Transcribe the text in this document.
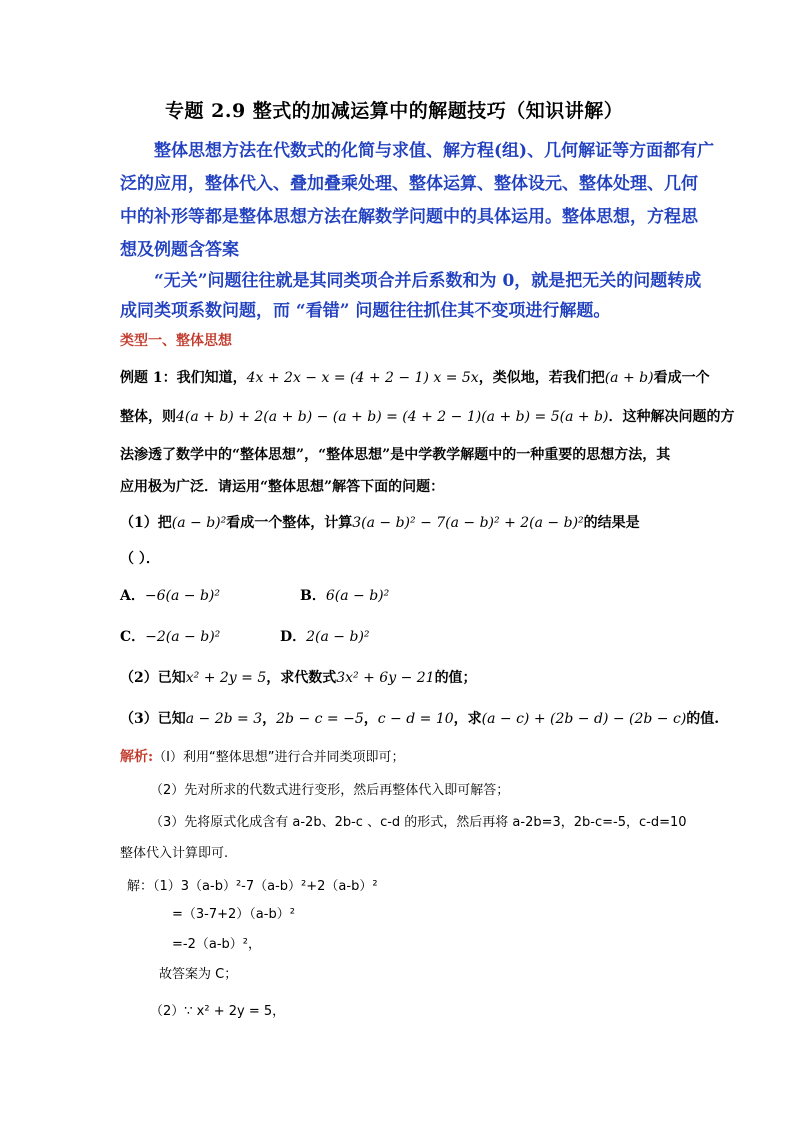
专题 2.9 整式的加减运算中的解题技巧（知识讲解）
整体思想方法在代数式的化简与求值、解方程(组)、几何解证等方面都有广
泛的应用，整体代入、叠加叠乘处理、整体运算、整体设元、整体处理、几何
中的补形等都是整体思想方法在解数学问题中的具体运用。整体思想，方程思
想及例题含答案
“无关”问题往往就是其同类项合并后系数和为 0，就是把无关的问题转成
成同类项系数问题，而 “看错” 问题往往抓住其不变项进行解题。
类型一、整体思想
例题 1：我们知道，4x + 2x − x = (4 + 2 − 1) x = 5x，类似地，若我们把(a + b)看成一个
整体，则4(a + b) + 2(a + b) − (a + b) = (4 + 2 − 1)(a + b) = 5(a + b)．这种解决问题的方
法渗透了数学中的“整体思想”，“整体思想”是中学教学解题中的一种重要的思想方法，其
应用极为广泛．请运用“整体思想”解答下面的问题：
（1）把(a − b)²看成一个整体，计算3(a − b)² − 7(a − b)² + 2(a − b)²的结果是
（ ）．
A．−6(a − b)²	B．6(a − b)²
C．−2(a − b)²	D．2(a − b)²
（2）已知x² + 2y = 5，求代数式3x² + 6y − 21的值；
（3）已知a − 2b = 3，2b − c = −5，c − d = 10，求(a − c) + (2b − d) − (2b − c)的值.
解析:（I）利用“整体思想”进行合并同类项即可；
（2）先对所求的代数式进行变形，然后再整体代入即可解答；
（3）先将原式化成含有 a-2b、2b-c 、c-d 的形式，然后再将 a-2b=3，2b-c=-5，c-d=10
整体代入计算即可.
解：（1）3（a-b）²-7（a-b）²+2（a-b）²
=（3-7+2）（a-b）²
=-2（a-b）²，
故答案为 C；
（2）∵ x² + 2y = 5，
